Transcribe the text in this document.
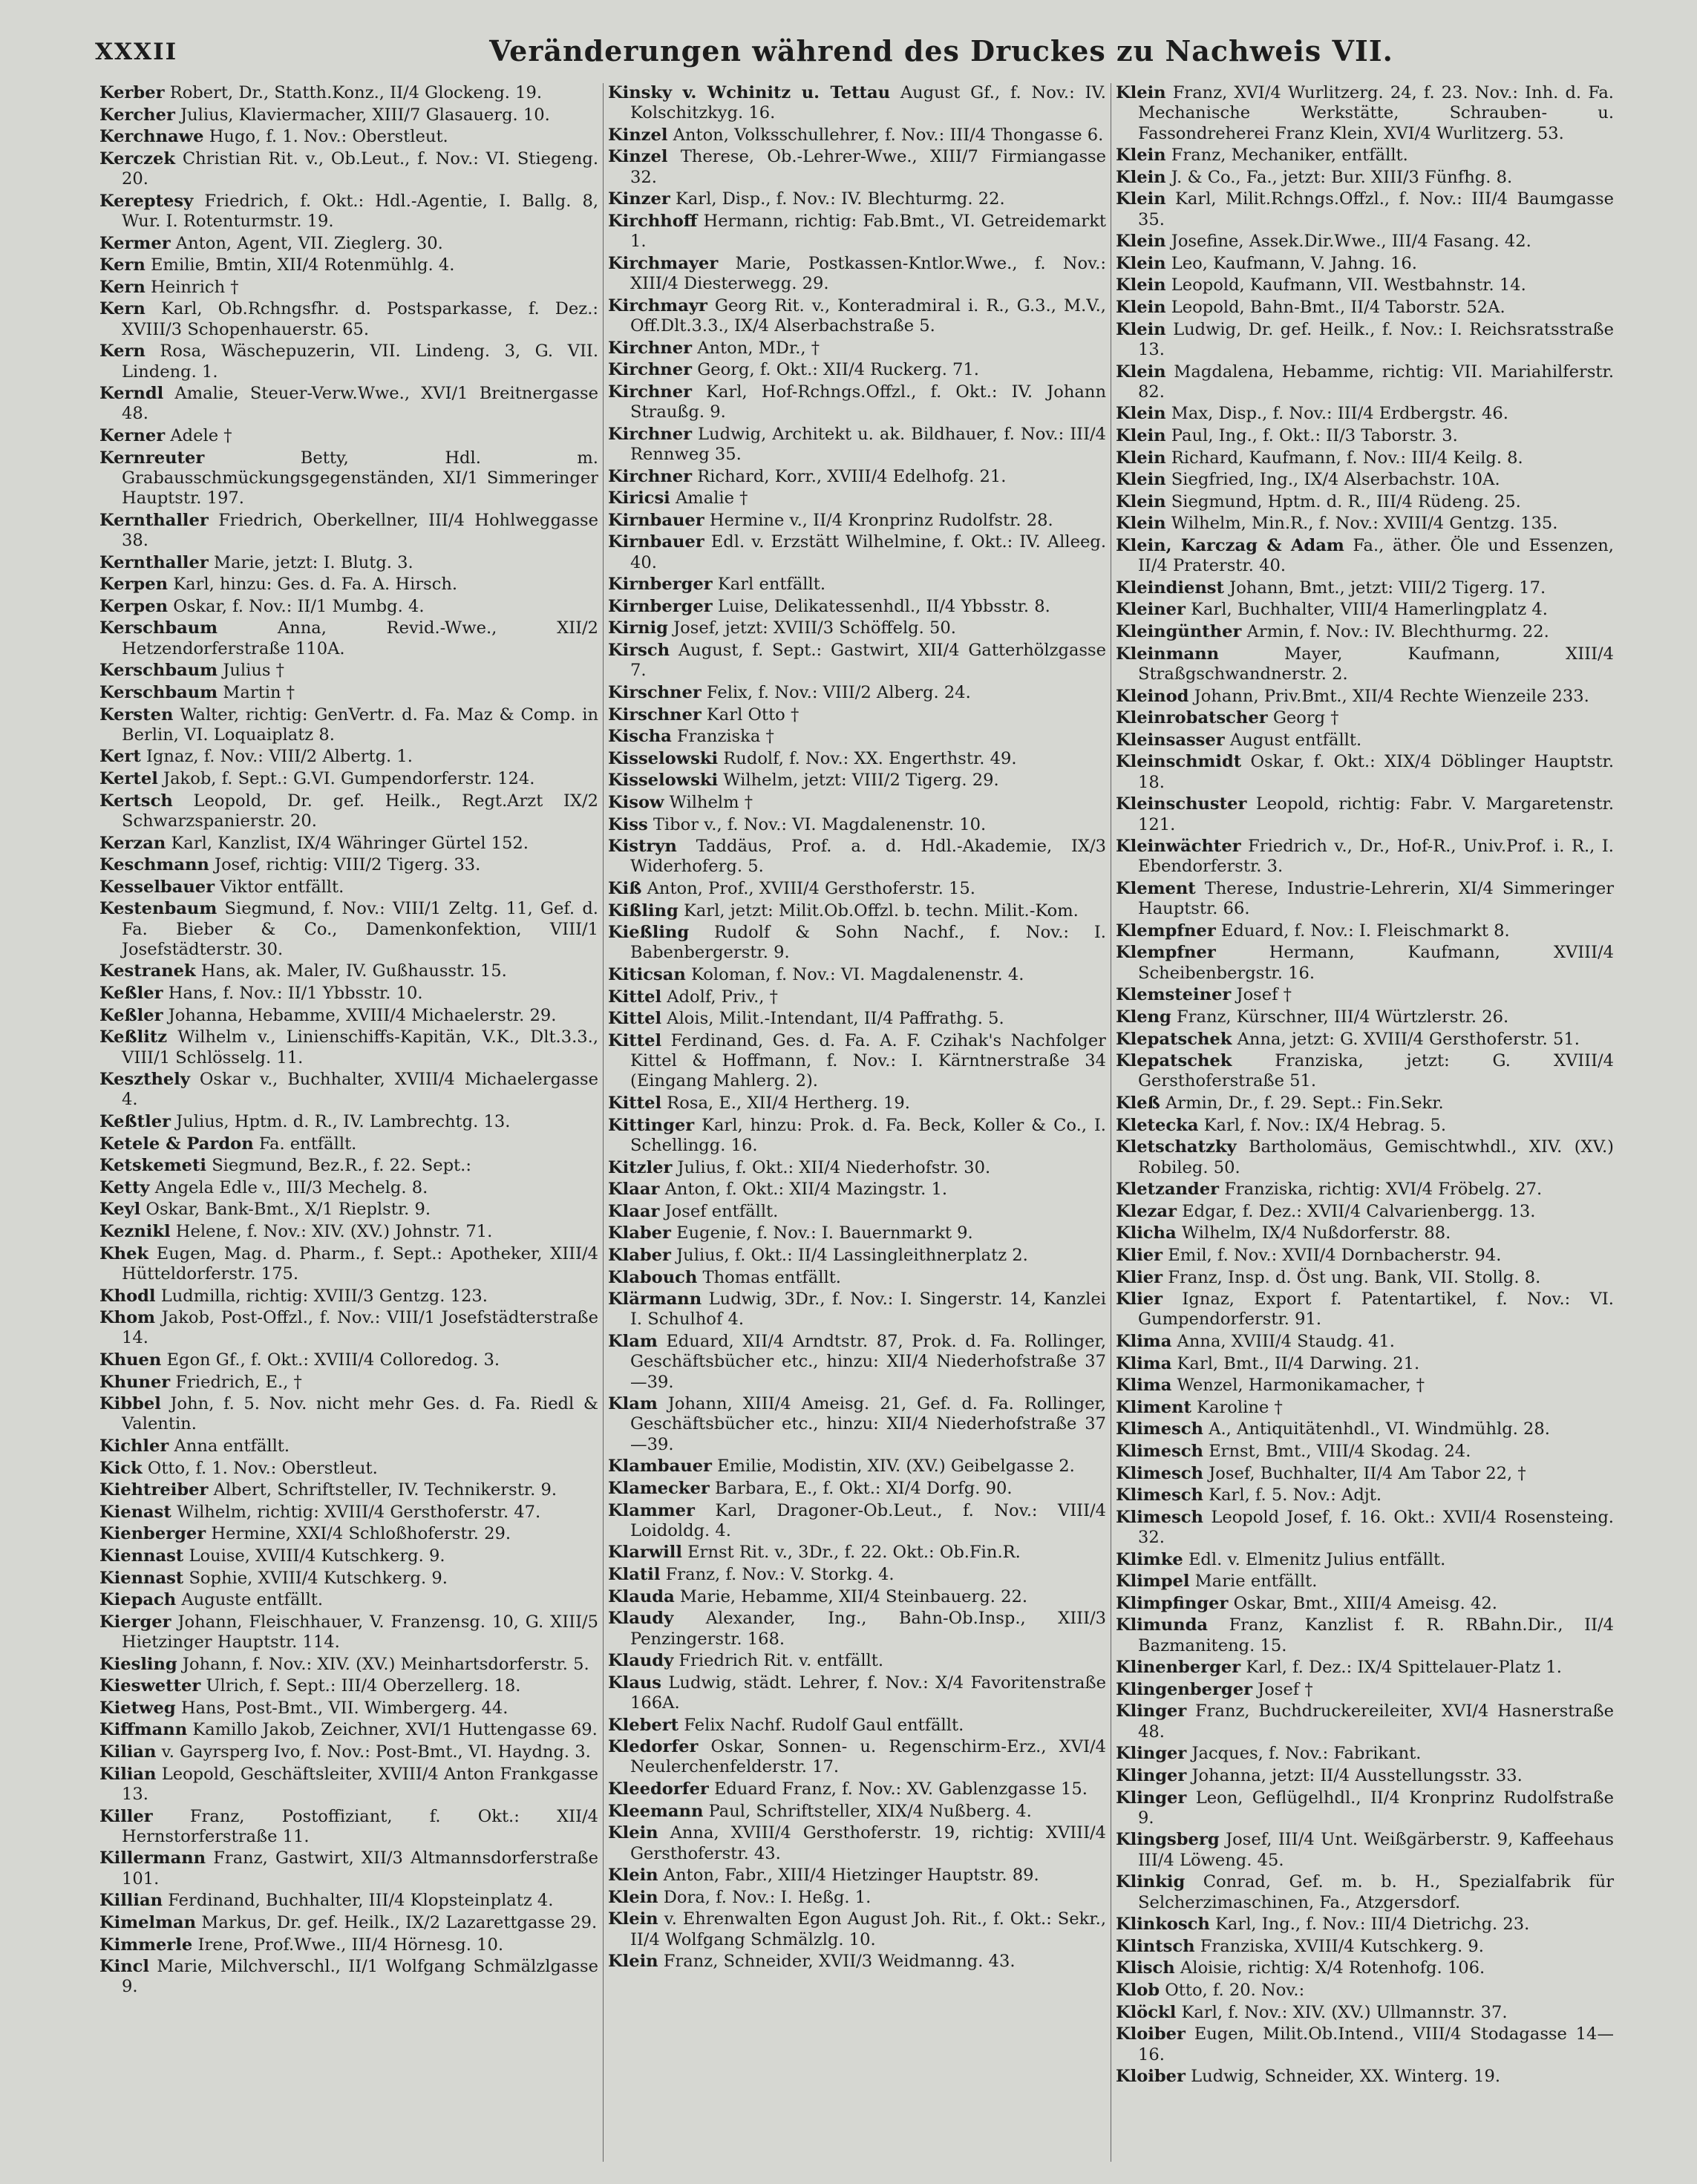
XXXII	Veränderungen während des Druckes zu Nachweis VII.

Kerber Robert, Dr., Statth.Konz., II/4 Glockeng. 19.

Kercher Julius, Klaviermacher, XIII/7 Glasauerg. 10.

Kerchnawe Hugo, f. 1. Nov.: Oberstleut.

Kerczek Christian Rit. v., Ob.Leut., f. Nov.: VI. Stiegeng. 20.

Kereptesy Friedrich, f. Okt.: Hdl.-Agentie, I. Ballg. 8, Wur. I. Rotenturmstr. 19.

Kermer Anton, Agent, VII. Zieglerg. 30.

Kern Emilie, Bmtin, XII/4 Rotenmühlg. 4.

Kern Heinrich †

Kern Karl, Ob.Rchngsfhr. d. Postsparkasse, f. Dez.: XVIII/3 Schopenhauerstr. 65.

Kern Rosa, Wäschepuzerin, VII. Lindeng. 3, G. VII. Lindeng. 1.

Kerndl Amalie, Steuer-Verw.Wwe., XVI/1 Breitnergasse 48.

Kerner Adele †

Kernreuter	Betty, Hdl. m. Grabausschmückungsgegenständen, XI/1 Simmeringer Hauptstr. 197.

Kernthaller Friedrich, Oberkellner, III/4 Hohlweggasse 38.

Kernthaller Marie, jetzt: I. Blutg. 3.

Kerpen Karl, hinzu: Ges. d. Fa. A. Hirsch.

Kerpen Oskar, f. Nov.: II/1 Mumbg. 4.

Kerschbaum	Anna, Revid.-Wwe., XII/2 Hetzendorferstraße 110A.

Kerschbaum Julius †

Kerschbaum Martin †

Kersten Walter, richtig: GenVertr. d. Fa. Maz & Comp. in Berlin, VI. Loquaiplatz 8.

Kert Ignaz, f. Nov.: VIII/2 Albertg. 1.

Kertel Jakob, f. Sept.: G.VI. Gumpendorferstr. 124.

Kertsch Leopold, Dr. gef. Heilk., Regt.Arzt IX/2 Schwarzspanierstr. 20.

Kerzan Karl, Kanzlist, IX/4 Währinger Gürtel 152.

Keschmann Josef, richtig: VIII/2 Tigerg. 33.

Kesselbauer Viktor entfällt.

Kestenbaum Siegmund, f. Nov.: VIII/1 Zeltg. 11, Gef. d. Fa. Bieber & Co., Damenkonfektion, VIII/1 Josefstädterstr. 30.

Kestranek Hans, ak. Maler, IV. Gußhausstr. 15.

Keßler Hans, f. Nov.: II/1 Ybbsstr. 10.

Keßler Johanna, Hebamme, XVIII/4 Michaelerstr. 29.

Keßlitz Wilhelm v., Linienschiffs-Kapitän, V.K., Dlt.3.3., VIII/1 Schlösselg. 11.

Keszthely Oskar v., Buchhalter, XVIII/4 Michaelergasse 4.

Keßtler Julius, Hptm. d. R., IV. Lambrechtg. 13.

Ketele & Pardon Fa. entfällt.

Ketskemeti Siegmund, Bez.R., f. 22. Sept.:

Ketty Angela Edle v., III/3 Mechelg. 8.

Keyl Oskar, Bank-Bmt., X/1 Rieplstr. 9.

Keznikl Helene, f. Nov.: XIV. (XV.) Johnstr. 71.

Khek Eugen, Mag. d. Pharm., f. Sept.: Apotheker, XIII/4 Hütteldorferstr. 175.

Khodl Ludmilla, richtig: XVIII/3 Gentzg. 123.

Khom Jakob, Post-Offzl., f. Nov.: VIII/1 Josefstädterstraße 14.

Khuen Egon Gf., f. Okt.: XVIII/4 Colloredog. 3.

Khuner Friedrich, E., †

Kibbel John, f. 5. Nov. nicht mehr Ges. d. Fa. Riedl & Valentin.

Kichler Anna entfällt.

Kick Otto, f. 1. Nov.: Oberstleut.

Kiehtreiber Albert, Schriftsteller, IV. Technikerstr. 9.

Kienast Wilhelm, richtig: XVIII/4 Gersthoferstr. 47.

Kienberger Hermine, XXI/4 Schloßhoferstr. 29.

Kiennast Louise, XVIII/4 Kutschkerg. 9.

Kiennast Sophie, XVIII/4 Kutschkerg. 9.

Kiepach Auguste entfällt.

Kierger Johann, Fleischhauer, V. Franzensg. 10, G. XIII/5 Hietzinger Hauptstr. 114.

Kiesling Johann, f. Nov.: XIV. (XV.) Meinhartsdorferstr. 5.

Kieswetter Ulrich, f. Sept.: III/4 Oberzellerg. 18.

Kietweg Hans, Post-Bmt., VII. Wimbergerg. 44.

Kiffmann Kamillo Jakob, Zeichner, XVI/1 Huttengasse 69.

Kilian v. Gayrsperg Ivo, f. Nov.: Post-Bmt., VI. Haydng. 3.

Kilian Leopold, Geschäftsleiter, XVIII/4 Anton Frankgasse 13.

Killer Franz, Postoffiziant, f. Okt.: XII/4 Hernstorferstraße 11.

Killermann Franz, Gastwirt, XII/3 Altmannsdorferstraße 101.

Killian Ferdinand, Buchhalter, III/4 Klopsteinplatz 4.

Kimelman Markus, Dr. gef. Heilk., IX/2 Lazarettgasse 29.

Kimmerle Irene, Prof.Wwe., III/4 Hörnesg. 10.

Kincl Marie, Milchverschl., II/1 Wolfgang Schmälzlgasse 9.

Kinsky v. Wchinitz u. Tettau August Gf., f. Nov.: IV. Kolschitzkyg. 16.

Kinzel Anton, Volksschullehrer, f. Nov.: III/4 Thongasse 6.

Kinzel Therese, Ob.-Lehrer-Wwe., XIII/7 Firmiangasse 32.

Kinzer Karl, Disp., f. Nov.: IV. Blechturmg. 22.

Kirchhoff Hermann, richtig: Fab.Bmt., VI. Getreidemarkt 1.

Kirchmayer Marie, Postkassen-Kntlor.Wwe., f. Nov.: XIII/4 Diesterwegg. 29.

Kirchmayr Georg Rit. v., Konteradmiral i. R., G.3., M.V., Off.Dlt.3.3., IX/4 Alserbachstraße 5.

Kirchner Anton, MDr., †

Kirchner Georg, f. Okt.: XII/4 Ruckerg. 71.

Kirchner Karl, Hof-Rchngs.Offzl., f. Okt.: IV. Johann Straußg. 9.

Kirchner Ludwig, Architekt u. ak. Bildhauer, f. Nov.: III/4 Rennweg 35.

Kirchner Richard, Korr., XVIII/4 Edelhofg. 21.

Kiricsi Amalie †

Kirnbauer Hermine v., II/4 Kronprinz Rudolfstr. 28.

Kirnbauer Edl. v. Erzstätt Wilhelmine, f. Okt.: IV. Alleeg. 40.

Kirnberger Karl entfällt.

Kirnberger Luise, Delikatessenhdl., II/4 Ybbsstr. 8.

Kirnig Josef, jetzt: XVIII/3 Schöffelg. 50.

Kirsch August, f. Sept.: Gastwirt, XII/4 Gatterhölzgasse 7.

Kirschner Felix, f. Nov.: VIII/2 Alberg. 24.

Kirschner Karl Otto †

Kischa Franziska †

Kisselowski Rudolf, f. Nov.: XX. Engerthstr. 49.

Kisselowski Wilhelm, jetzt: VIII/2 Tigerg. 29.

Kisow Wilhelm †

Kiss Tibor v., f. Nov.: VI. Magdalenenstr. 10.

Kistryn Taddäus, Prof. a. d. Hdl.-Akademie, IX/3 Widerhoferg. 5.

Kiß Anton, Prof., XVIII/4 Gersthoferstr. 15.

Kißling Karl, jetzt: Milit.Ob.Offzl. b. techn. Milit.-Kom.

Kießling Rudolf & Sohn Nachf., f. Nov.: I. Babenbergerstr. 9.

Kiticsan Koloman, f. Nov.: VI. Magdalenenstr. 4.

Kittel Adolf, Priv., †

Kittel Alois, Milit.-Intendant, II/4 Paffrathg. 5.

Kittel Ferdinand, Ges. d. Fa. A. F. Czihak's Nachfolger Kittel & Hoffmann, f. Nov.: I. Kärntnerstraße 34 (Eingang Mahlerg. 2).

Kittel Rosa, E., XII/4 Hertherg. 19.

Kittinger Karl, hinzu: Prok. d. Fa. Beck, Koller & Co., I. Schellingg. 16.

Kitzler Julius, f. Okt.: XII/4 Niederhofstr. 30.

Klaar Anton, f. Okt.: XII/4 Mazingstr. 1.

Klaar Josef entfällt.

Klaber Eugenie, f. Nov.: I. Bauernmarkt 9.

Klaber Julius, f. Okt.: II/4 Lassingleithnerplatz 2.

Klabouch Thomas entfällt.

Klärmann Ludwig, 3Dr., f. Nov.: I. Singerstr. 14, Kanzlei I. Schulhof 4.

Klam Eduard, XII/4 Arndtstr. 87, Prok. d. Fa. Rollinger, Geschäftsbücher etc., hinzu: XII/4 Niederhofstraße 37—39.

Klam Johann, XIII/4 Ameisg. 21, Gef. d. Fa. Rollinger, Geschäftsbücher etc., hinzu: XII/4 Niederhofstraße 37—39.

Klambauer Emilie, Modistin, XIV. (XV.) Geibelgasse 2.

Klamecker Barbara, E., f. Okt.: XI/4 Dorfg. 90.

Klammer Karl, Dragoner-Ob.Leut., f. Nov.: VIII/4 Loidoldg. 4.

Klarwill Ernst Rit. v., 3Dr., f. 22. Okt.: Ob.Fin.R.

Klatil Franz, f. Nov.: V. Storkg. 4.

Klauda Marie, Hebamme, XII/4 Steinbauerg. 22.

Klaudy Alexander, Ing., Bahn-Ob.Insp., XIII/3 Penzingerstr. 168.

Klaudy Friedrich Rit. v. entfällt.

Klaus Ludwig, städt. Lehrer, f. Nov.: X/4 Favoritenstraße 166A.

Klebert Felix Nachf. Rudolf Gaul entfällt.

Kledorfer Oskar, Sonnen- u. Regenschirm-Erz., XVI/4 Neulerchenfelderstr. 17.

Kleedorfer Eduard Franz, f. Nov.: XV. Gablenzgasse 15.

Kleemann Paul, Schriftsteller, XIX/4 Nußberg. 4.

Klein Anna, XVIII/4 Gersthoferstr. 19, richtig: XVIII/4 Gersthoferstr. 43.

Klein Anton, Fabr., XIII/4 Hietzinger Hauptstr. 89.

Klein Dora, f. Nov.: I. Heßg. 1.

Klein v. Ehrenwalten Egon August Joh. Rit., f. Okt.: Sekr., II/4 Wolfgang Schmälzlg. 10.

Klein Franz, Schneider, XVII/3 Weidmanng. 43.

Klein Franz, XVI/4 Wurlitzerg. 24, f. 23. Nov.: Inh. d. Fa. Mechanische Werkstätte, Schrauben- u. Fassondreherei Franz Klein, XVI/4 Wurlitzerg. 53.

Klein Franz, Mechaniker, entfällt.

Klein J. & Co., Fa., jetzt: Bur. XIII/3 Fünfhg. 8.

Klein Karl, Milit.Rchngs.Offzl., f. Nov.: III/4 Baumgasse 35.

Klein Josefine, Assek.Dir.Wwe., III/4 Fasang. 42.

Klein Leo, Kaufmann, V. Jahng. 16.

Klein Leopold, Kaufmann, VII. Westbahnstr. 14.

Klein Leopold, Bahn-Bmt., II/4 Taborstr. 52A.

Klein Ludwig, Dr. gef. Heilk., f. Nov.: I. Reichsratsstraße 13.

Klein Magdalena, Hebamme, richtig: VII. Mariahilferstr. 82.

Klein Max, Disp., f. Nov.: III/4 Erdbergstr. 46.

Klein Paul, Ing., f. Okt.: II/3 Taborstr. 3.

Klein Richard, Kaufmann, f. Nov.: III/4 Keilg. 8.

Klein Siegfried, Ing., IX/4 Alserbachstr. 10A.

Klein Siegmund, Hptm. d. R., III/4 Rüdeng. 25.

Klein Wilhelm, Min.R., f. Nov.: XVIII/4 Gentzg. 135.

Klein, Karczag & Adam Fa., äther. Öle und Essenzen, II/4 Praterstr. 40.

Kleindienst Johann, Bmt., jetzt: VIII/2 Tigerg. 17.

Kleiner Karl, Buchhalter, VIII/4 Hamerlingplatz 4.

Kleingünther Armin, f. Nov.: IV. Blechthurmg. 22.

Kleinmann	Mayer, Kaufmann, XIII/4 Straßgschwandnerstr. 2.

Kleinod Johann, Priv.Bmt., XII/4 Rechte Wienzeile 233.

Kleinrobatscher Georg †

Kleinsasser August entfällt.

Kleinschmidt Oskar, f. Okt.: XIX/4 Döblinger Hauptstr. 18.

Kleinschuster Leopold, richtig: Fabr. V. Margaretenstr. 121.

Kleinwächter Friedrich v., Dr., Hof-R., Univ.Prof. i. R., I. Ebendorferstr. 3.

Klement Therese, Industrie-Lehrerin, XI/4 Simmeringer Hauptstr. 66.

Klempfner Eduard, f. Nov.: I. Fleischmarkt 8.

Klempfner	Hermann, Kaufmann, XVIII/4 Scheibenbergstr. 16.

Klemsteiner Josef †

Kleng Franz, Kürschner, III/4 Würtzlerstr. 26.

Klepatschek Anna, jetzt: G. XVIII/4 Gersthoferstr. 51.

Klepatschek	Franziska, jetzt: G. XVIII/4 Gersthoferstraße 51.

Kleß Armin, Dr., f. 29. Sept.: Fin.Sekr.

Kletecka Karl, f. Nov.: IX/4 Hebrag. 5.

Kletschatzky Bartholomäus, Gemischtwhdl., XIV. (XV.) Robileg. 50.

Kletzander Franziska, richtig: XVI/4 Fröbelg. 27.

Klezar Edgar, f. Dez.: XVII/4 Calvarienbergg. 13.

Klicha Wilhelm, IX/4 Nußdorferstr. 88.

Klier Emil, f. Nov.: XVII/4 Dornbacherstr. 94.

Klier Franz, Insp. d. Öst ung. Bank, VII. Stollg. 8.

Klier Ignaz, Export f. Patentartikel, f. Nov.: VI. Gumpendorferstr. 91.

Klima Anna, XVIII/4 Staudg. 41.

Klima Karl, Bmt., II/4 Darwing. 21.

Klima Wenzel, Harmonikamacher, †

Kliment Karoline †

Klimesch A., Antiquitätenhdl., VI. Windmühlg. 28.

Klimesch Ernst, Bmt., VIII/4 Skodag. 24.

Klimesch Josef, Buchhalter, II/4 Am Tabor 22, †

Klimesch Karl, f. 5. Nov.: Adjt.

Klimesch Leopold Josef, f. 16. Okt.: XVII/4 Rosensteing. 32.

Klimke Edl. v. Elmenitz Julius entfällt.

Klimpel Marie entfällt.

Klimpfinger Oskar, Bmt., XIII/4 Ameisg. 42.

Klimunda Franz, Kanzlist f. R. RBahn.Dir., II/4 Bazmaniteng. 15.

Klinenberger Karl, f. Dez.: IX/4 Spittelauer-Platz 1.

Klingenberger Josef †

Klinger Franz, Buchdruckereileiter, XVI/4 Hasnerstraße 48.

Klinger Jacques, f. Nov.: Fabrikant.

Klinger Johanna, jetzt: II/4 Ausstellungsstr. 33.

Klinger Leon, Geflügelhdl., II/4 Kronprinz Rudolfstraße 9.

Klingsberg Josef, III/4 Unt. Weißgärberstr. 9, Kaffeehaus III/4 Löweng. 45.

Klinkig Conrad, Gef. m. b. H., Spezialfabrik für Selcherzimaschinen, Fa., Atzgersdorf.

Klinkosch Karl, Ing., f. Nov.: III/4 Dietrichg. 23.

Klintsch Franziska, XVIII/4 Kutschkerg. 9.

Klisch Aloisie, richtig: X/4 Rotenhofg. 106.

Klob Otto, f. 20. Nov.:

Klöckl Karl, f. Nov.: XIV. (XV.) Ullmannstr. 37.

Kloiber Eugen, Milit.Ob.Intend., VIII/4 Stodagasse 14—16.

Kloiber Ludwig, Schneider, XX. Winterg. 19.
